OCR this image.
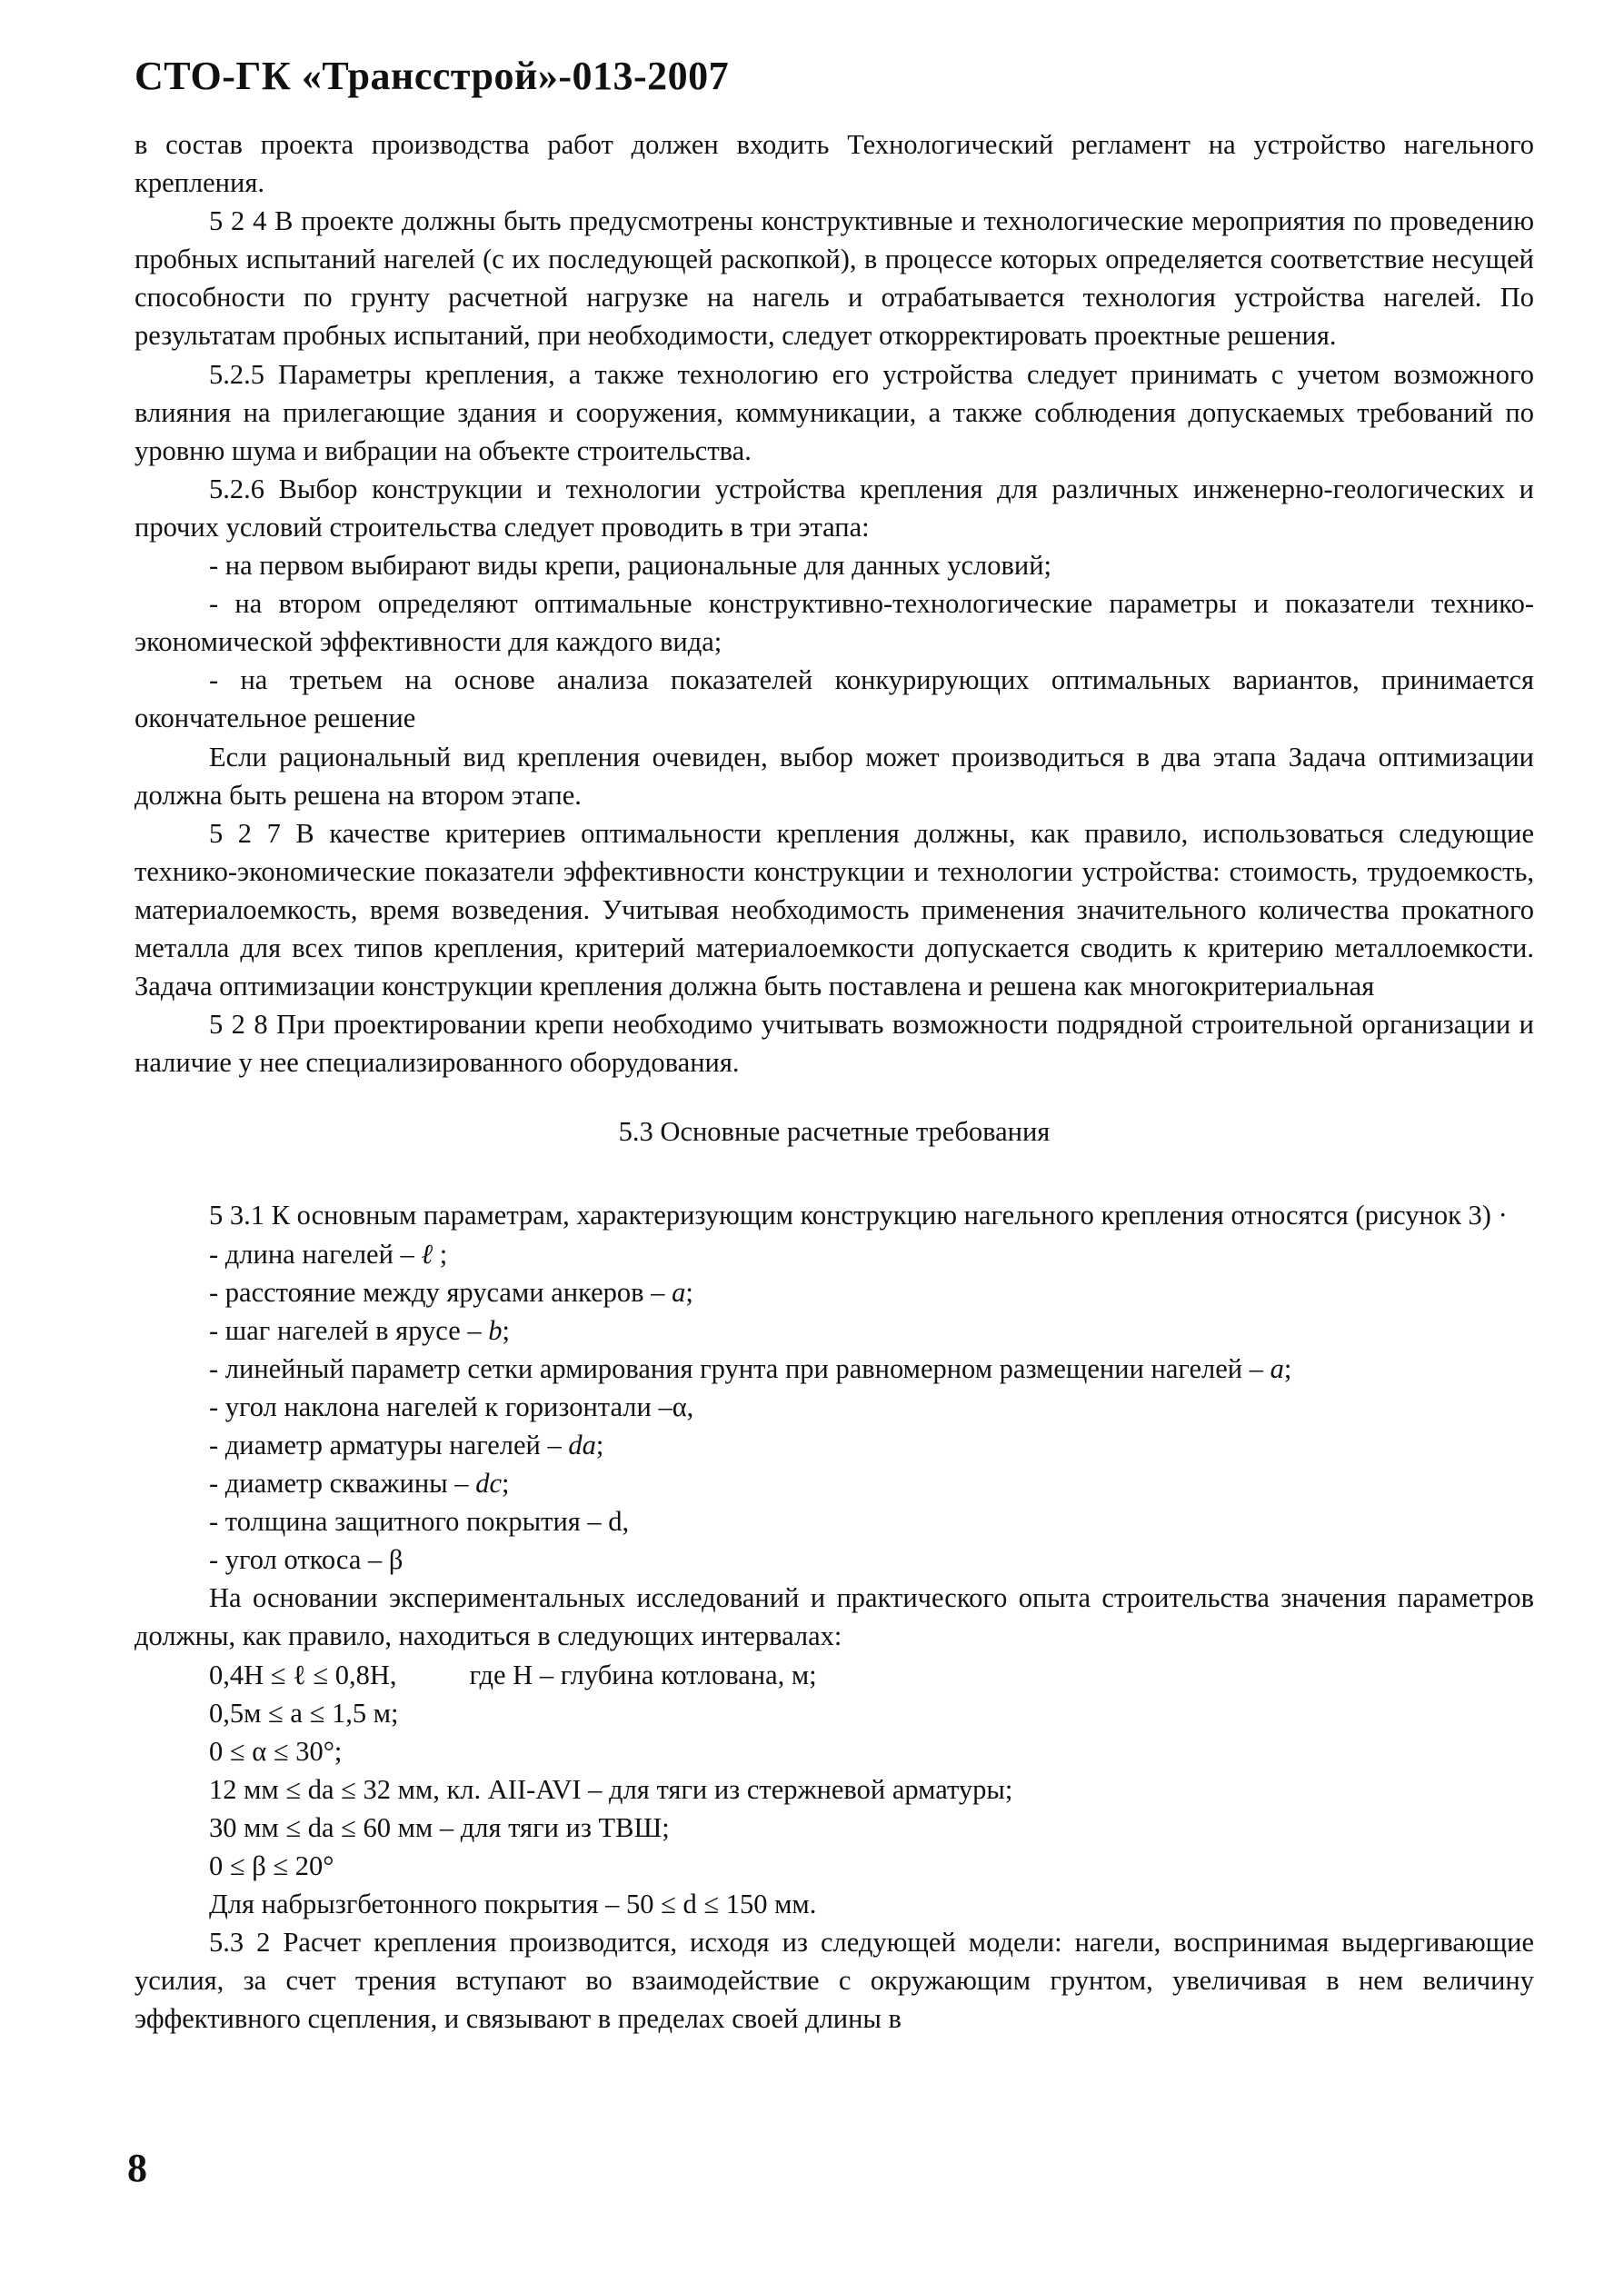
СТО-ГК «Трансстрой»-013-2007

в состав проекта производства работ должен входить Технологический регламент на устройство нагельного крепления.

5 2 4 В проекте должны быть предусмотрены конструктивные и технологические мероприятия по проведению пробных испытаний нагелей (с их последующей раскопкой), в процессе которых определяется соответствие несущей способности по грунту расчетной нагрузке на нагель и отрабатывается технология устройства нагелей. По результатам пробных испытаний, при необходимости, следует откорректировать проектные решения.

5.2.5 Параметры крепления, а также технологию его устройства следует принимать с учетом возможного влияния на прилегающие здания и сооружения, коммуникации, а также соблюдения допускаемых требований по уровню шума и вибрации на объекте строительства.

5.2.6 Выбор конструкции и технологии устройства крепления для различных инженерно-геологических и прочих условий строительства следует проводить в три этапа:

- на первом выбирают виды крепи, рациональные для данных условий;

- на втором определяют оптимальные конструктивно-технологические параметры и показатели технико-экономической эффективности для каждого вида;

- на третьем на основе анализа показателей конкурирующих оптимальных вариантов, принимается окончательное решение

Если рациональный вид крепления очевиден, выбор может производиться в два этапа Задача оптимизации должна быть решена на втором этапе.

5 2 7 В качестве критериев оптимальности крепления должны, как правило, использоваться следующие технико-экономические показатели эффективности конструкции и технологии устройства: стоимость, трудоемкость, материалоемкость, время возведения. Учитывая необходимость применения значительного количества прокатного металла для всех типов крепления, критерий материалоемкости допускается сводить к критерию металлоемкости. Задача оптимизации конструкции крепления должна быть поставлена и решена как многокритериальная

5 2 8 При проектировании крепи необходимо учитывать возможности подрядной строительной организации и наличие у нее специализированного оборудования.

5.3 Основные расчетные требования

5 3.1 К основным параметрам, характеризующим конструкцию нагельного крепления относятся (рисунок 3) ·

- длина нагелей – ℓ ;

- расстояние между ярусами анкеров – a;

- шаг нагелей в ярусе – b;

- линейный параметр сетки армирования грунта при равномерном размещении нагелей – a;

- угол наклона нагелей к горизонтали –α,

- диаметр арматуры нагелей – dа;

- диаметр скважины – dс;

- толщина защитного покрытия – d,

- угол откоса – β

На основании экспериментальных исследований и практического опыта строительства значения параметров должны, как правило, находиться в следующих интервалах:

0,4H ≤ ℓ ≤ 0,8H,	где H – глубина котлована, м;

0,5м ≤ a ≤ 1,5 м;

0 ≤ α ≤ 30°;

12 мм ≤ dа ≤ 32 мм, кл. AII-AVI – для тяги из стержневой арматуры;

30 мм ≤ dа ≤ 60 мм – для тяги из ТВШ;

0 ≤ β ≤ 20°

Для набрызгбетонного покрытия – 50 ≤ d ≤ 150 мм.

5.3 2 Расчет крепления производится, исходя из следующей модели: нагели, воспринимая выдергивающие усилия, за счет трения вступают во взаимодействие с окружающим грунтом, увеличивая в нем величину эффективного сцепления, и связывают в пределах своей длины в

8
